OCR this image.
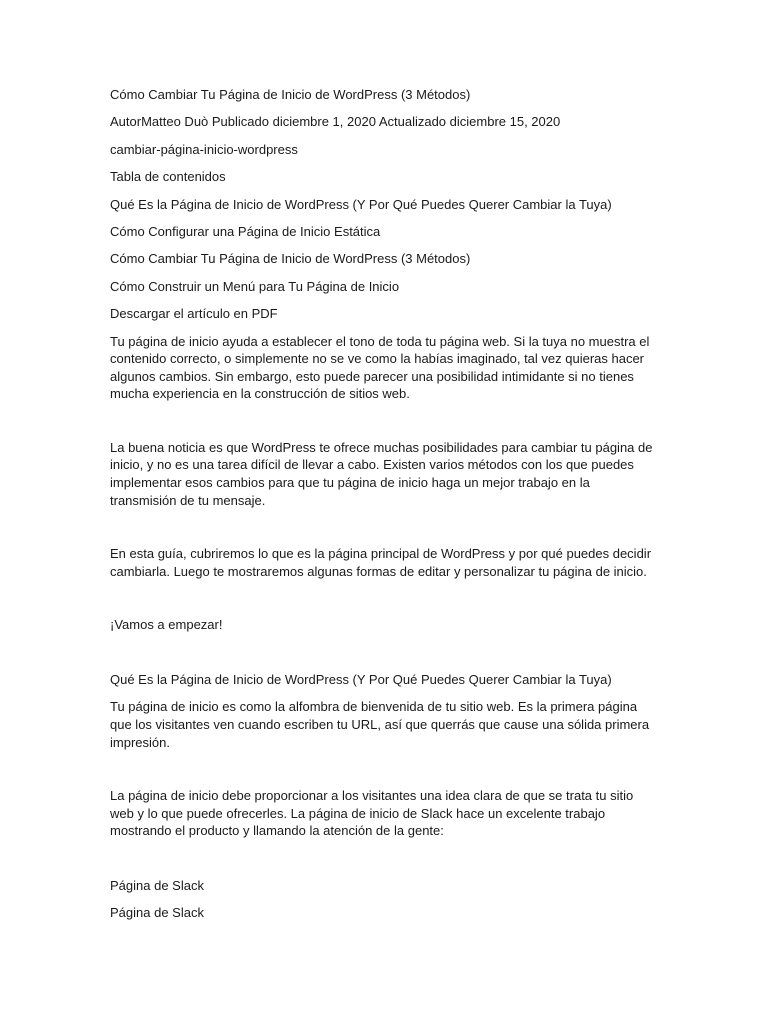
Cómo Cambiar Tu Página de Inicio de WordPress (3 Métodos)
AutorMatteo Duò Publicado diciembre 1, 2020 Actualizado diciembre 15, 2020
cambiar-página-inicio-wordpress
Tabla de contenidos
Qué Es la Página de Inicio de WordPress (Y Por Qué Puedes Querer Cambiar la Tuya)
Cómo Configurar una Página de Inicio Estática
Cómo Cambiar Tu Página de Inicio de WordPress (3 Métodos)
Cómo Construir un Menú para Tu Página de Inicio
Descargar el artículo en PDF

Tu página de inicio ayuda a establecer el tono de toda tu página web. Si la tuya no muestra el contenido correcto, o simplemente no se ve como la habías imaginado, tal vez quieras hacer algunos cambios. Sin embargo, esto puede parecer una posibilidad intimidante si no tienes mucha experiencia en la construcción de sitios web.

La buena noticia es que WordPress te ofrece muchas posibilidades para cambiar tu página de inicio, y no es una tarea difícil de llevar a cabo. Existen varios métodos con los que puedes implementar esos cambios para que tu página de inicio haga un mejor trabajo en la transmisión de tu mensaje.

En esta guía, cubriremos lo que es la página principal de WordPress y por qué puedes decidir cambiarla. Luego te mostraremos algunas formas de editar y personalizar tu página de inicio.

¡Vamos a empezar!

Qué Es la Página de Inicio de WordPress (Y Por Qué Puedes Querer Cambiar la Tuya)

Tu página de inicio es como la alfombra de bienvenida de tu sitio web. Es la primera página que los visitantes ven cuando escriben tu URL, así que querrás que cause una sólida primera impresión.

La página de inicio debe proporcionar a los visitantes una idea clara de que se trata tu sitio web y lo que puede ofrecerles. La página de inicio de Slack hace un excelente trabajo mostrando el producto y llamando la atención de la gente:

Página de Slack
Página de Slack
